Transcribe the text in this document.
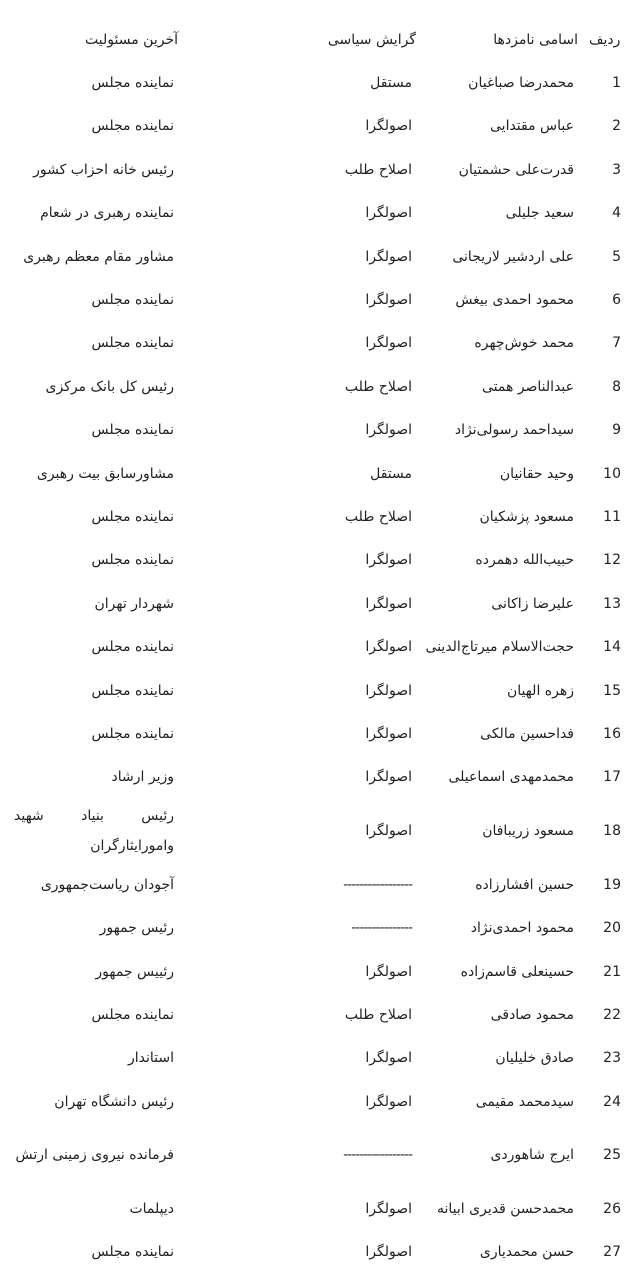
ردیف
اسامی نامزدها
گرایش سیاسی
آخرین مسئولیت
1
محمدرضا صباغیان
مستقل
نماینده مجلس
2
عباس مقتدایی
اصولگرا
نماینده مجلس
3
قدرت‌علی حشمتیان
اصلاح طلب
رئیس خانه احزاب کشور
4
سعید جلیلی
اصولگرا
نماینده رهبری در شعام
5
علی اردشیر لاریجانی
اصولگرا
مشاور مقام معظم رهبری
6
محمود احمدی بیغش
اصولگرا
نماینده مجلس
7
محمد خوش‌چهره
اصولگرا
نماینده مجلس
8
عبدالناصر همتی
اصلاح طلب
رئیس کل بانک مرکزی
9
سیداحمد رسولی‌نژاد
اصولگرا
نماینده مجلس
10
وحید حقانیان
مستقل
مشاورسابق بیت رهبری
11
مسعود پزشکیان
اصلاح طلب
نماینده مجلس
12
حبیب‌الله دهمرده
اصولگرا
نماینده مجلس
13
علیرضا زاکانی
اصولگرا
شهردار تهران
14
حجت‌الاسلام میرتاج‌الدینی
اصولگرا
نماینده مجلس
15
زهره الهیان
اصولگرا
نماینده مجلس
16
فداحسین مالکی
اصولگرا
نماینده مجلس
17
محمدمهدی اسماعیلی
اصولگرا
وزیر ارشاد
18
مسعود زریبافان
اصولگرا
رئیس بنیاد شهید وامورایثارگران
19
حسین افشارزاده
-----------------
آجودان ریاست‌جمهوری
20
محمود احمدی‌نژاد
---------------
رئیس جمهور
21
حسینعلی قاسم‌زاده
اصولگرا
رئییس جمهور
22
محمود صادقی
اصلاح طلب
نماینده مجلس
23
صادق خلیلیان
اصولگرا
استاندار
24
سیدمحمد مقیمی
اصولگرا
رئیس دانشگاه تهران
25
ایرج شاهوردی
-----------------
فرمانده نیروی زمینی ارتش
26
محمدحسن قدیری ابیانه
اصولگرا
دیپلمات
27
حسن محمدیاری
اصولگرا
نماینده مجلس
